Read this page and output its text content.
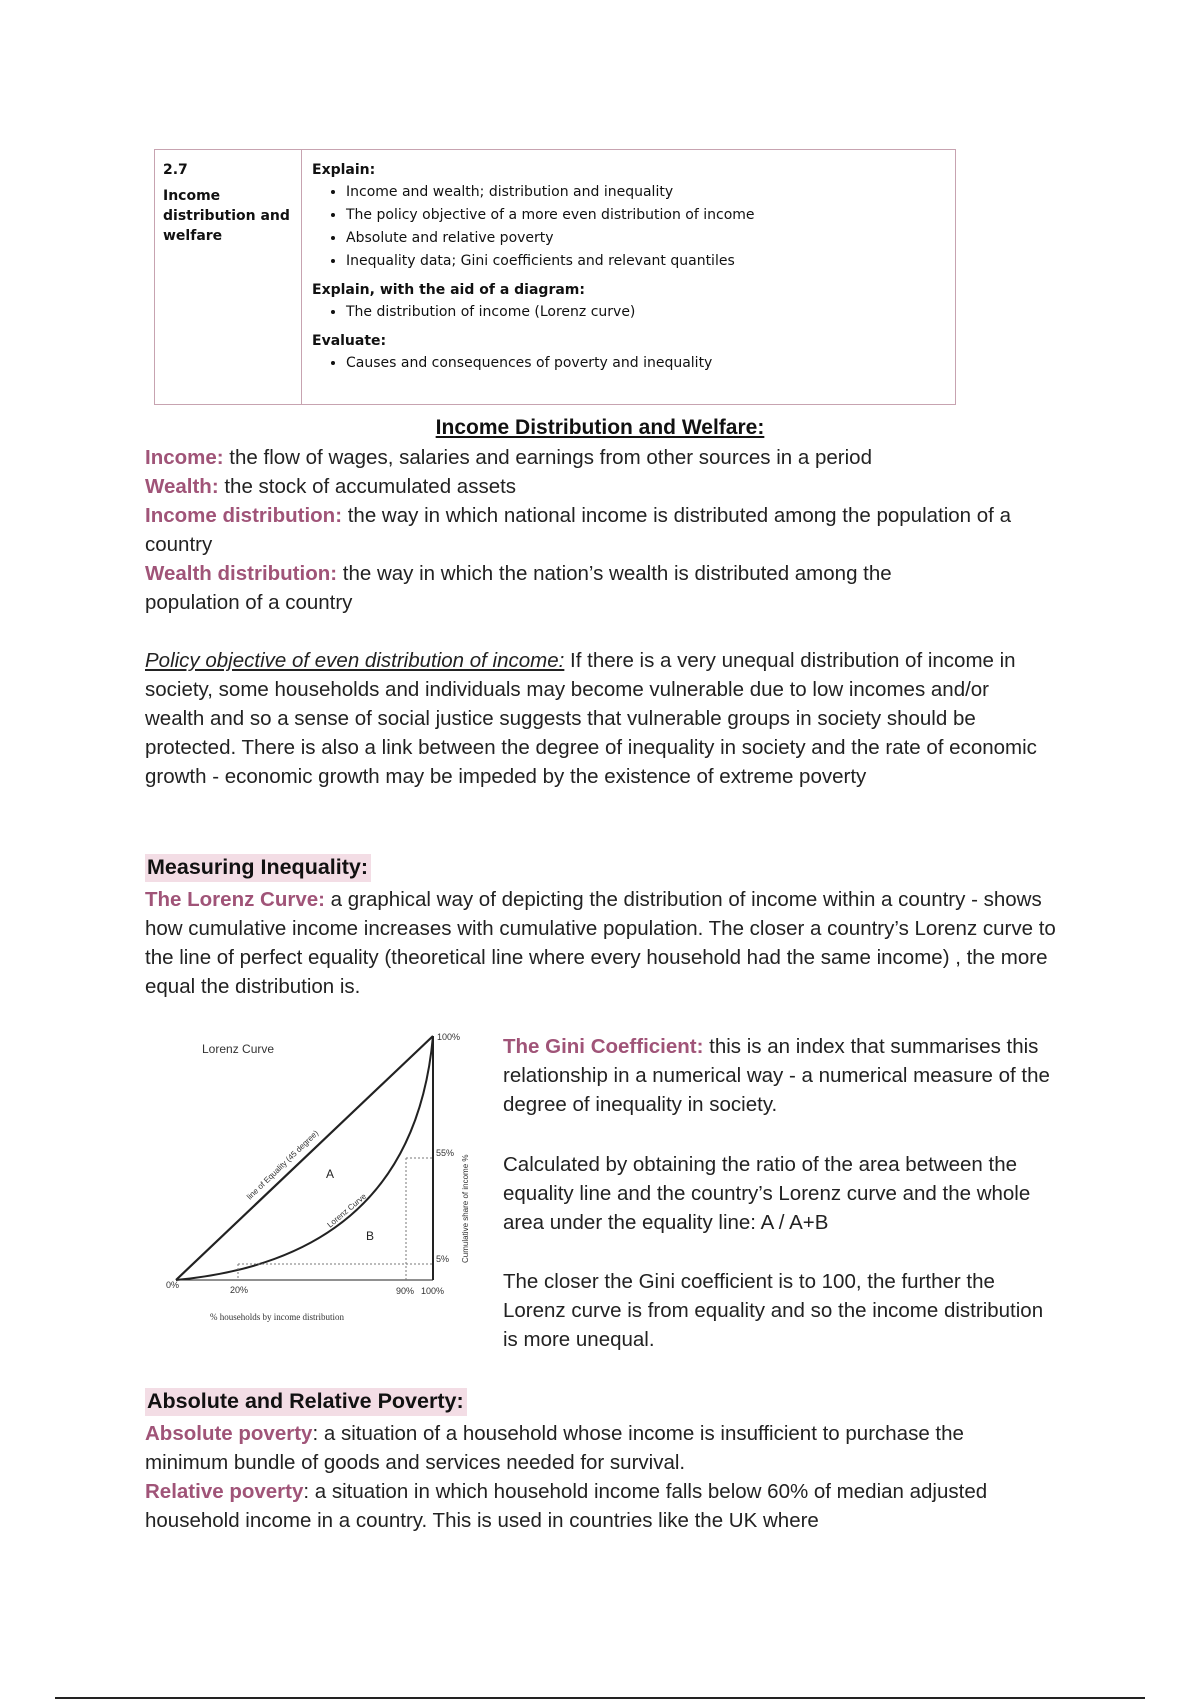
2.7
Income
distribution and
welfare

Explain:
• Income and wealth; distribution and inequality
• The policy objective of a more even distribution of income
• Absolute and relative poverty
• Inequality data; Gini coefficients and relevant quantiles
Explain, with the aid of a diagram:
• The distribution of income (Lorenz curve)
Evaluate:
• Causes and consequences of poverty and inequality
Income Distribution and Welfare:
Income: the flow of wages, salaries and earnings from other sources in a period
Wealth: the stock of accumulated assets
Income distribution: the way in which national income is distributed among the population of a country
Wealth distribution: the way in which the nation’s wealth is distributed among the population of a country
Policy objective of even distribution of income: If there is a very unequal distribution of income in society, some households and individuals may become vulnerable due to low incomes and/or wealth and so a sense of social justice suggests that vulnerable groups in society should be protected. There is also a link between the degree of inequality in society and the rate of economic growth - economic growth may be impeded by the existence of extreme poverty
Measuring Inequality:
The Lorenz Curve: a graphical way of depicting the distribution of income within a country - shows how cumulative income increases with cumulative population. The closer a country’s Lorenz curve to the line of perfect equality (theoretical line where every household had the same income) , the more equal the distribution is.
Lorenz Curve
0%	20%	90% 100%
100%
55%
5%
line of Equality (45 degree)
Lorenz Curve
A
B	Cumulative share of income %
% households by income distribution
The Gini Coefficient: this is an index that summarises this relationship in a numerical way - a numerical measure of the degree of inequality in society.
Calculated by obtaining the ratio of the area between the equality line and the country’s Lorenz curve and the whole area under the equality line: A / A+B
The closer the Gini coefficient is to 100, the further the Lorenz curve is from equality and so the income distribution is more unequal.
Absolute and Relative Poverty:
Absolute poverty: a situation of a household whose income is insufficient to purchase the minimum bundle of goods and services needed for survival.
Relative poverty: a situation in which household income falls below 60% of median adjusted household income in a country. This is used in countries like the UK where
